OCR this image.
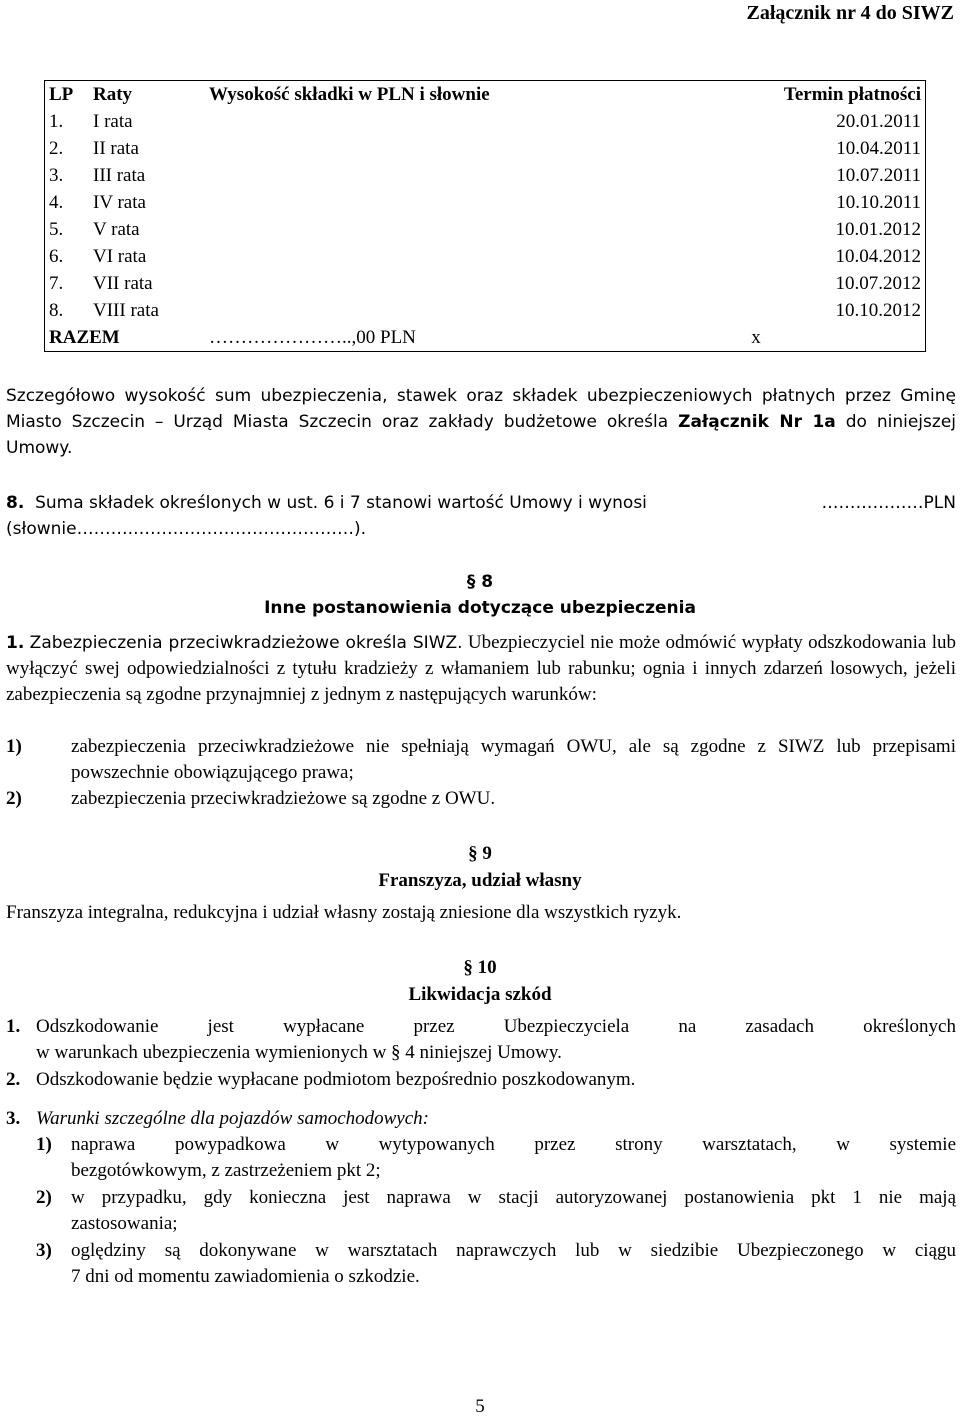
Załącznik nr 4 do SIWZ
LP	Raty	Wysokość składki w PLN i słownie	Termin płatności
1.	I rata		20.01.2011
2.	II rata		10.04.2011
3.	III rata		10.07.2011
4.	IV rata		10.10.2011
5.	V rata		10.01.2012
6.	VI rata		10.04.2012
7.	VII rata		10.07.2012
8.	VIII rata		10.10.2012
RAZEM		…………………..,00 PLN	x
Szczegółowo wysokość sum ubezpieczenia, stawek oraz składek ubezpieczeniowych płatnych przez Gminę Miasto Szczecin – Urząd Miasta Szczecin oraz zakłady budżetowe określa Załącznik Nr 1a do niniejszej Umowy.
8. Suma składek określonych w ust. 6 i 7 stanowi wartość Umowy i wynosi	………………PLN
(słownie……….…………………………………).
§ 8
Inne postanowienia dotyczące ubezpieczenia
1. Zabezpieczenia przeciwkradzieżowe określa SIWZ. Ubezpieczyciel nie może odmówić wypłaty odszkodowania lub wyłączyć swej odpowiedzialności z tytułu kradzieży z włamaniem lub rabunku; ognia i innych zdarzeń losowych, jeżeli zabezpieczenia są zgodne przynajmniej z jednym z następujących warunków:
1)	zabezpieczenia przeciwkradzieżowe nie spełniają wymagań OWU, ale są zgodne z SIWZ lub przepisami powszechnie obowiązującego prawa;
2)	zabezpieczenia przeciwkradzieżowe są zgodne z OWU.
§ 9
Franszyza, udział własny
Franszyza integralna, redukcyjna i udział własny zostają zniesione dla wszystkich ryzyk.
§ 10
Likwidacja szkód
1. Odszkodowanie jest wypłacane przez Ubezpieczyciela na zasadach określonych
w warunkach ubezpieczenia wymienionych w § 4 niniejszej Umowy.
2. Odszkodowanie będzie wypłacane podmiotom bezpośrednio poszkodowanym.
3. Warunki szczególne dla pojazdów samochodowych:
1) naprawa powypadkowa w wytypowanych przez strony warsztatach, w systemie
bezgotówkowym, z zastrzeżeniem pkt 2;
2) w przypadku, gdy konieczna jest naprawa w stacji autoryzowanej postanowienia pkt 1 nie mają
zastosowania;
3) oględziny są dokonywane w warsztatach naprawczych lub w siedzibie Ubezpieczonego w ciągu
7 dni od momentu zawiadomienia o szkodzie.
5
